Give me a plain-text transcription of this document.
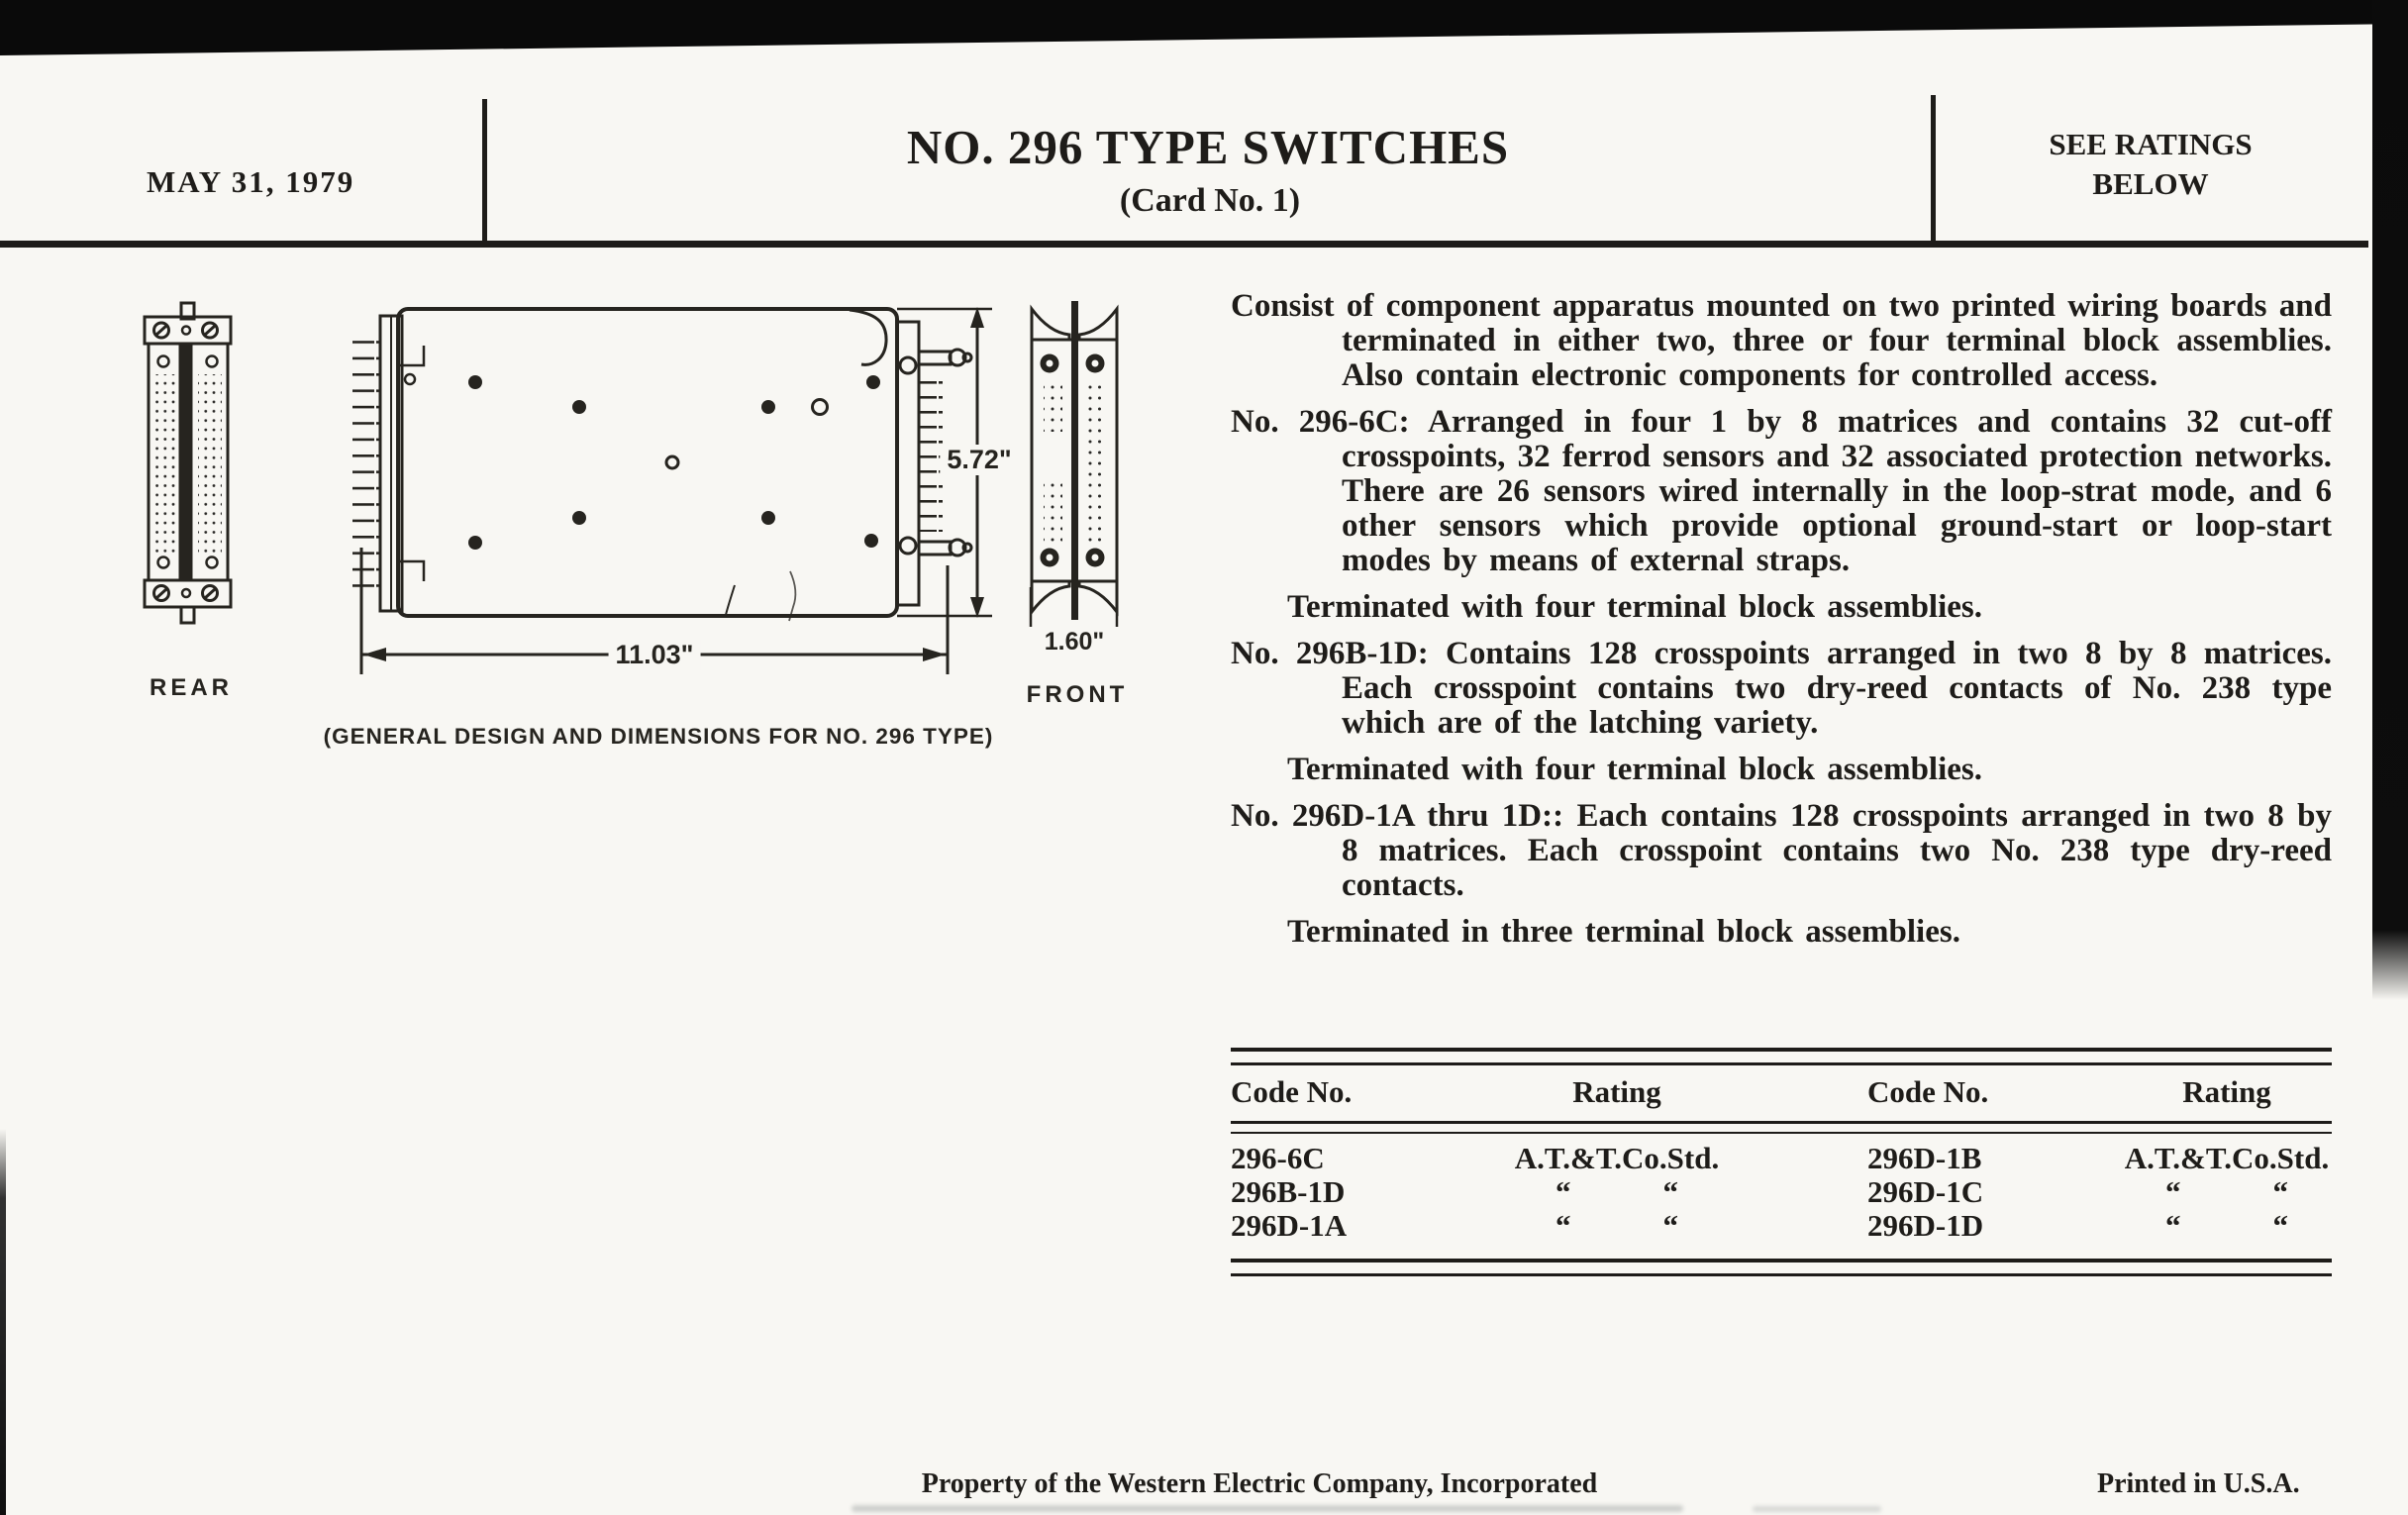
MAY 31, 1979
NO. 296 TYPE SWITCHES
(Card No. 1)
SEE RATINGS
BELOW
5.72"
11.03"	1.60"
REAR	FRONT
(GENERAL DESIGN AND DIMENSIONS FOR NO. 296 TYPE)

Consist of component apparatus mounted on two printed wiring boards and terminated in either two, three or four terminal block assemblies. Also contain electronic components for controlled access.

No. 296-6C: Arranged in four 1 by 8 matrices and contains 32 cut-off crosspoints, 32 ferrod sensors and 32 associated protection networks. There are 26 sensors wired internally in the loop-strat mode, and 6 other sensors which provide optional ground-start or loop-start modes by means of external straps.

Terminated with four terminal block assemblies.

No. 296B-1D: Contains 128 crosspoints arranged in two 8 by 8 matrices. Each crosspoint contains two dry-reed contacts of No. 238 type which are of the latching variety.

Terminated with four terminal block assemblies.

No. 296D-1A thru 1D:: Each contains 128 crosspoints arranged in two 8 by 8 matrices. Each crosspoint contains two No. 238 type dry-reed contacts.

Terminated in three terminal block assemblies.

Code No.	Rating	Code No.	Rating
296-6C	A.T.&T.Co.Std.	296D-1B	A.T.&T.Co.Std.
296B-1D	“   “	296D-1C	“   “
296D-1A	“   “	296D-1D	“   “
Property of the Western Electric Company, Incorporated	Printed in U.S.A.
